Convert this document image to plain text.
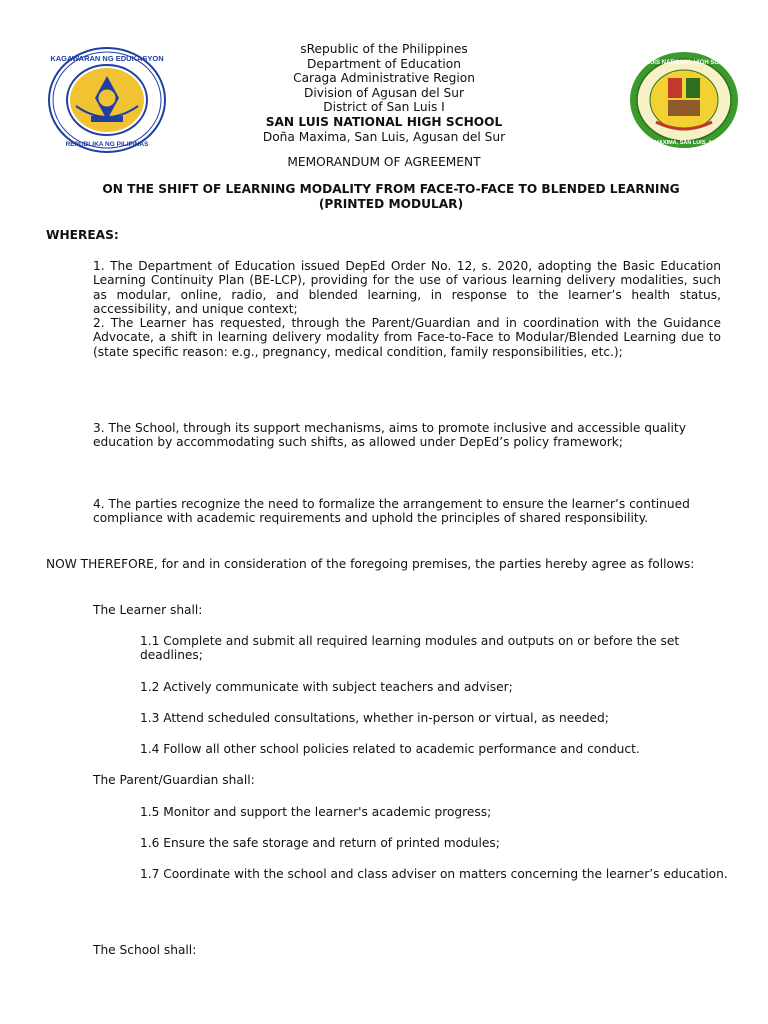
KAGAWARAN NG EDUKASYON
REPUBLIKA NG PILIPINAS
sRepublic of the Philippines
Department of Education
Caraga Administrative Region
Division of Agusan del Sur
District of San Luis I
SAN LUIS NATIONAL HIGH SCHOOL
Doña Maxima, San Luis, Agusan del Sur
SAN LUIS NATIONAL HIGH SCHOOL
DOÑA MAXIMA, SAN LUIS, AGN. DS
MEMORANDUM OF AGREEMENT
ON THE SHIFT OF LEARNING MODALITY FROM FACE-TO-FACE TO BLENDED LEARNING
(PRINTED MODULAR)
WHEREAS:
1. The Department of Education issued DepEd Order No. 12, s. 2020, adopting the Basic Education Learning Continuity Plan (BE-LCP), providing for the use of various learning delivery modalities, such as modular, online, radio, and blended learning, in response to the learner’s health status, accessibility, and unique context;
2. The Learner has requested, through the Parent/Guardian and in coordination with the Guidance Advocate, a shift in learning delivery modality from Face-to-Face to Modular/Blended Learning due to (state specific reason: e.g., pregnancy, medical condition, family responsibilities, etc.);
3. The School, through its support mechanisms, aims to promote inclusive and accessible quality education by accommodating such shifts, as allowed under DepEd’s policy framework;
4. The parties recognize the need to formalize the arrangement to ensure the learner’s continued compliance with academic requirements and uphold the principles of shared responsibility.
NOW THEREFORE, for and in consideration of the foregoing premises, the parties hereby agree as follows:
The Learner shall:
1.1 Complete and submit all required learning modules and outputs on or before the set deadlines;
1.2 Actively communicate with subject teachers and adviser;
1.3 Attend scheduled consultations, whether in-person or virtual, as needed;
1.4 Follow all other school policies related to academic performance and conduct.
The Parent/Guardian shall:
1.5 Monitor and support the learner's academic progress;
1.6 Ensure the safe storage and return of printed modules;
1.7 Coordinate with the school and class adviser on matters concerning the learner’s education.
The School shall:
